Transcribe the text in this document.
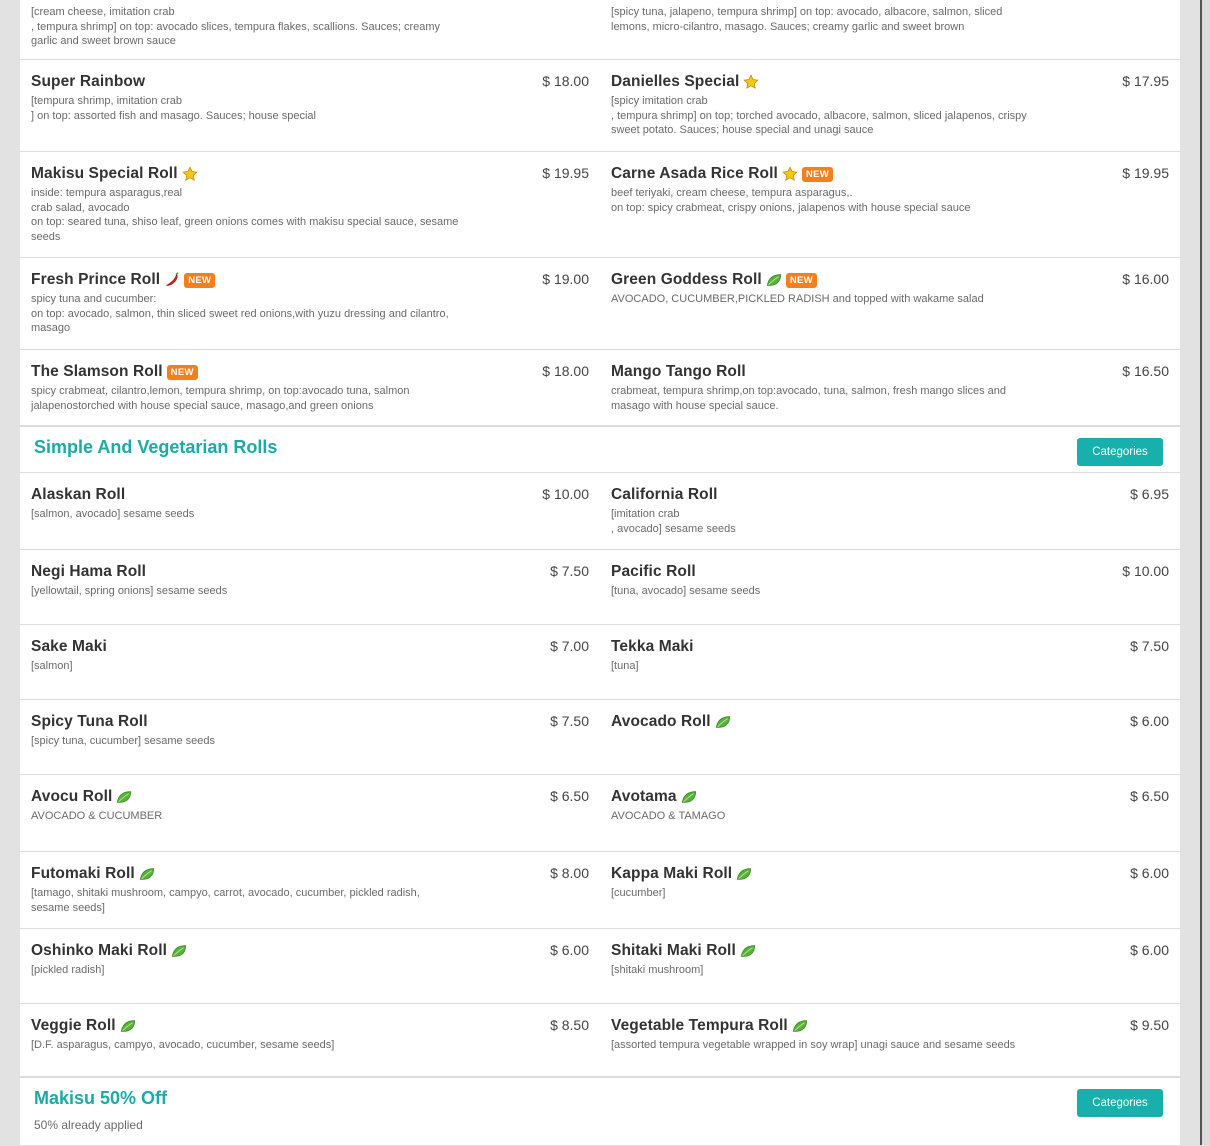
[cream cheese, imitation crab
, tempura shrimp] on top: avocado slices, tempura flakes, scallions. Sauces; creamy garlic and sweet brown sauce
[spicy tuna, jalapeno, tempura shrimp] on top: avocado, albacore, salmon, sliced lemons, micro-cilantro, masago. Sauces; creamy garlic and sweet brown
Super Rainbow	$ 18.00
[tempura shrimp, imitation crab
] on top: assorted fish and masago. Sauces; house special
Danielles Special	$ 17.95
[spicy imitation crab
, tempura shrimp] on top; torched avocado, albacore, salmon, sliced jalapenos, crispy sweet potato. Sauces; house special and unagi sauce
Makisu Special Roll	$ 19.95
inside: tempura asparagus,real
crab salad, avocado
on top: seared tuna, shiso leaf, green onions comes with makisu special sauce, sesame seeds
Carne Asada Rice Roll	NEW	$ 19.95
beef teriyaki, cream cheese, tempura asparagus,.
on top: spicy crabmeat, crispy onions, jalapenos with house special sauce
Fresh Prince Roll	NEW	$ 19.00
spicy tuna and cucumber:
on top: avocado, salmon, thin sliced sweet red onions,with yuzu dressing and cilantro, masago
Green Goddess Roll	NEW	$ 16.00
AVOCADO, CUCUMBER,PICKLED RADISH and topped with wakame salad
The Slamson Roll NEW	$ 18.00
spicy crabmeat, cilantro,lemon, tempura shrimp, on top:avocado tuna, salmon jalapenostorched with house special sauce, masago,and green onions
Mango Tango Roll	$ 16.50
crabmeat, tempura shrimp,on top:avocado, tuna, salmon, fresh mango slices and masago with house special sauce.
Simple And Vegetarian Rolls	Categories
Alaskan Roll	$ 10.00
[salmon, avocado] sesame seeds
California Roll	$ 6.95
[imitation crab
, avocado] sesame seeds
Negi Hama Roll	$ 7.50
[yellowtail, spring onions] sesame seeds
Pacific Roll	$ 10.00
[tuna, avocado] sesame seeds
Sake Maki	$ 7.00
[salmon]
Tekka Maki	$ 7.50
[tuna]
Spicy Tuna Roll	$ 7.50
[spicy tuna, cucumber] sesame seeds
Avocado Roll	$ 6.00
Avocu Roll	$ 6.50
AVOCADO & CUCUMBER
Avotama	$ 6.50
AVOCADO & TAMAGO
Futomaki Roll	$ 8.00
[tamago, shitaki mushroom, campyo, carrot, avocado, cucumber, pickled radish, sesame seeds]
Kappa Maki Roll	$ 6.00
[cucumber]
Oshinko Maki Roll	$ 6.00
[pickled radish]
Shitaki Maki Roll	$ 6.00
[shitaki mushroom]
Veggie Roll	$ 8.50
[D.F. asparagus, campyo, avocado, cucumber, sesame seeds]
Vegetable Tempura Roll	$ 9.50
[assorted tempura vegetable wrapped in soy wrap] unagi sauce and sesame seeds
Makisu 50% Off
50% already applied
Categories
